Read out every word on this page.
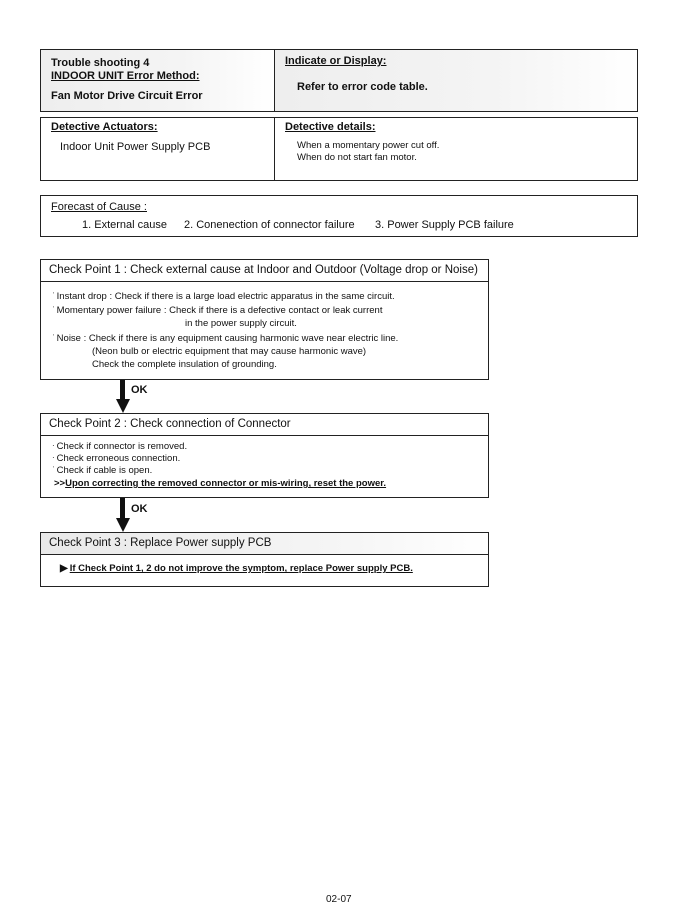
Trouble shooting 4
INDOOR UNIT Error Method:
Fan Motor Drive Circuit Error
Indicate or Display:
Refer to error code table.
Detective Actuators:
Indoor Unit Power Supply PCB
Detective details:
When a momentary power cut off.
When do not start fan motor.
Forecast of Cause :
1. External cause 2. Conenection of connector failure 3. Power Supply PCB failure
Check Point 1 : Check external cause at Indoor and Outdoor (Voltage drop or Noise)
ˈ Instant drop : Check if there is a large load electric apparatus in the same circuit.
ˈ Momentary power failure : Check if there is a defective contact or leak current
in the power supply circuit.
ˈ Noise : Check if there is any equipment causing harmonic wave near electric line.
(Neon bulb or electric equipment that may cause harmonic wave)
Check the complete insulation of grounding.
OK
Check Point 2 : Check connection of Connector
· Check if connector is removed.
· Check erroneous connection.
ˈ Check if cable is open.
>>Upon correcting the removed connector or mis-wiring, reset the power.
OK
Check Point 3 : Replace Power supply PCB
▶ If Check Point 1, 2 do not improve the symptom, replace Power supply PCB.
02-07
